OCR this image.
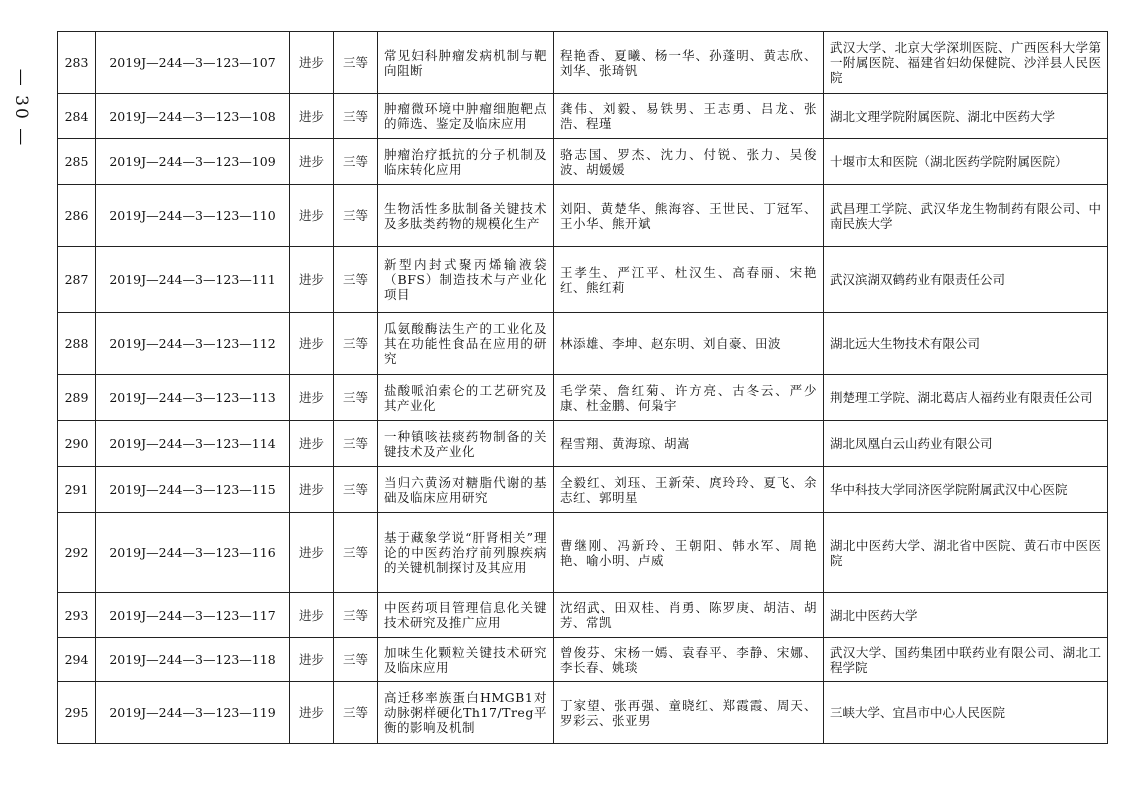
— 30 —
283	2019J—244—3—123—107	进步	三等	常见妇科肿瘤发病机制与靶向阻断	程艳香、夏曦、杨一华、孙蓬明、黄志欣、刘华、张琦钒	武汉大学、北京大学深圳医院、广西医科大学第一附属医院、福建省妇幼保健院、沙洋县人民医院
284	2019J—244—3—123—108	进步	三等	肿瘤微环境中肿瘤细胞靶点的筛选、鉴定及临床应用	龚伟、刘毅、易铁男、王志勇、吕龙、张浩、程瑾	湖北文理学院附属医院、湖北中医药大学
285	2019J—244—3—123—109	进步	三等	肿瘤治疗抵抗的分子机制及临床转化应用	骆志国、罗杰、沈力、付锐、张力、吴俊波、胡媛媛	十堰市太和医院（湖北医药学院附属医院）
286	2019J—244—3—123—110	进步	三等	生物活性多肽制备关键技术及多肽类药物的规模化生产	刘阳、黄楚华、熊海容、王世民、丁冠军、王小华、熊开斌	武昌理工学院、武汉华龙生物制药有限公司、中南民族大学
287	2019J—244—3—123—111	进步	三等	新型内封式聚丙烯输液袋（BFS）制造技术与产业化项目	王孝生、严江平、杜汉生、高春丽、宋艳红、熊红莉	武汉滨湖双鹤药业有限责任公司
288	2019J—244—3—123—112	进步	三等	瓜氨酸酶法生产的工业化及其在功能性食品在应用的研究	林添雄、李坤、赵东明、刘自豪、田波	湖北远大生物技术有限公司
289	2019J—244—3—123—113	进步	三等	盐酸哌泊索仑的工艺研究及其产业化	毛学荣、詹红菊、许方亮、古冬云、严少康、杜金鹏、何枭宇	荆楚理工学院、湖北葛店人福药业有限责任公司
290	2019J—244—3—123—114	进步	三等	一种镇咳祛痰药物制备的关键技术及产业化	程雪翔、黄海琼、胡嵩	湖北凤凰白云山药业有限公司
291	2019J—244—3—123—115	进步	三等	当归六黄汤对糖脂代谢的基础及临床应用研究	全毅红、刘珏、王新荣、庹玲玲、夏飞、余志红、郭明星	华中科技大学同济医学院附属武汉中心医院
292	2019J—244—3—123—116	进步	三等	基于藏象学说“肝肾相关”理论的中医药治疗前列腺疾病的关键机制探讨及其应用	曹继刚、冯新玲、王朝阳、韩水军、周艳艳、喻小明、卢威	湖北中医药大学、湖北省中医院、黄石市中医医院
293	2019J—244—3—123—117	进步	三等	中医药项目管理信息化关键技术研究及推广应用	沈绍武、田双桂、肖勇、陈罗庚、胡洁、胡芳、常凯	湖北中医药大学
294	2019J—244—3—123—118	进步	三等	加味生化颗粒关键技术研究及临床应用	曾俊芬、宋杨一嫣、袁春平、李静、宋娜、李长春、姚琰	武汉大学、国药集团中联药业有限公司、湖北工程学院
295	2019J—244—3—123—119	进步	三等	高迁移率族蛋白HMGB1对动脉粥样硬化Th17/Treg平衡的影响及机制	丁家望、张再强、童晓红、郑霞霞、周天、罗彩云、张亚男	三峡大学、宜昌市中心人民医院
